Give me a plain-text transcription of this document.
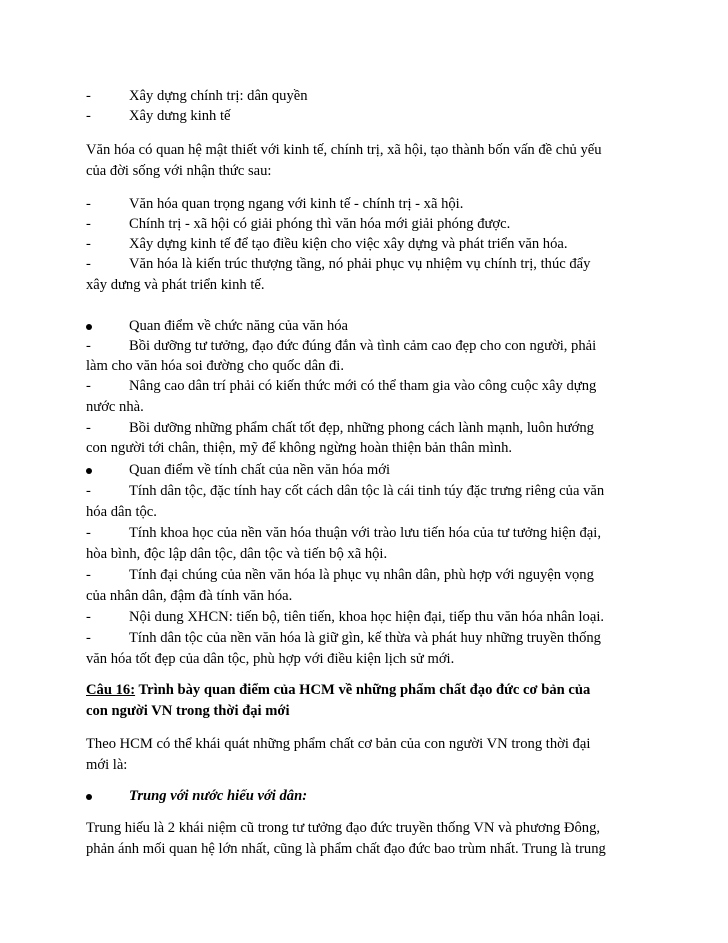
-	Xây dựng chính trị: dân quyền
-	Xây dưng kinh tế
Văn hóa có quan hệ mật thiết với kinh tế, chính trị, xã hội, tạo thành bốn vấn đề chủ yếu
của đời sống với nhận thức sau:
-	Văn hóa quan trọng ngang với kinh tế - chính trị - xã hội.
-	Chính trị - xã hội có giải phóng thì văn hóa mới giải phóng được.
-	Xây dựng kinh tế để tạo điều kiện cho việc xây dựng và phát triển văn hóa.
-	Văn hóa là kiến trúc thượng tầng, nó phải phục vụ nhiệm vụ chính trị, thúc đẩy
xây dưng và phát triển kinh tế.
Quan điểm về chức năng của văn hóa
-	Bồi dưỡng tư tưởng, đạo đức đúng đắn và tình cảm cao đẹp cho con người, phải
làm cho văn hóa soi đường cho quốc dân đi.
-	Nâng cao dân trí phải có kiến thức mới có thể tham gia vào công cuộc xây dựng
nước nhà.
-	Bồi dưỡng những phẩm chất tốt đẹp, những phong cách lành mạnh, luôn hướng
con người tới chân, thiện, mỹ để không ngừng hoàn thiện bản thân mình.
Quan điểm về tính chất của nền văn hóa mới
-	Tính dân tộc, đặc tính hay cốt cách dân tộc là cái tinh túy đặc trưng riêng của văn
hóa dân tộc.
-	Tính khoa học của nền văn hóa thuận với trào lưu tiến hóa của tư tưởng hiện đại,
hòa bình, độc lập dân tộc, dân tộc và tiến bộ xã hội.
-	Tính đại chúng của nền văn hóa là phục vụ nhân dân, phù hợp với nguyện vọng
của nhân dân, đậm đà tính văn hóa.
-	Nội dung XHCN: tiến bộ, tiên tiến, khoa học hiện đại, tiếp thu văn hóa nhân loại.
-	Tính dân tộc của nền văn hóa là giữ gìn, kế thừa và phát huy những truyền thống
văn hóa tốt đẹp của dân tộc, phù hợp với điều kiện lịch sử mới.
Câu 16: Trình bày quan điểm của HCM về những phẩm chất đạo đức cơ bản của
con người VN trong thời đại mới
Theo HCM có thể khái quát những phẩm chất cơ bản của con người VN trong thời đại
mới là:
Trung với nước hiếu với dân:
Trung hiếu là 2 khái niệm cũ trong tư tưởng đạo đức truyền thống VN và phương Đông,
phản ánh mối quan hệ lớn nhất, cũng là phẩm chất đạo đức bao trùm nhất. Trung là trung
